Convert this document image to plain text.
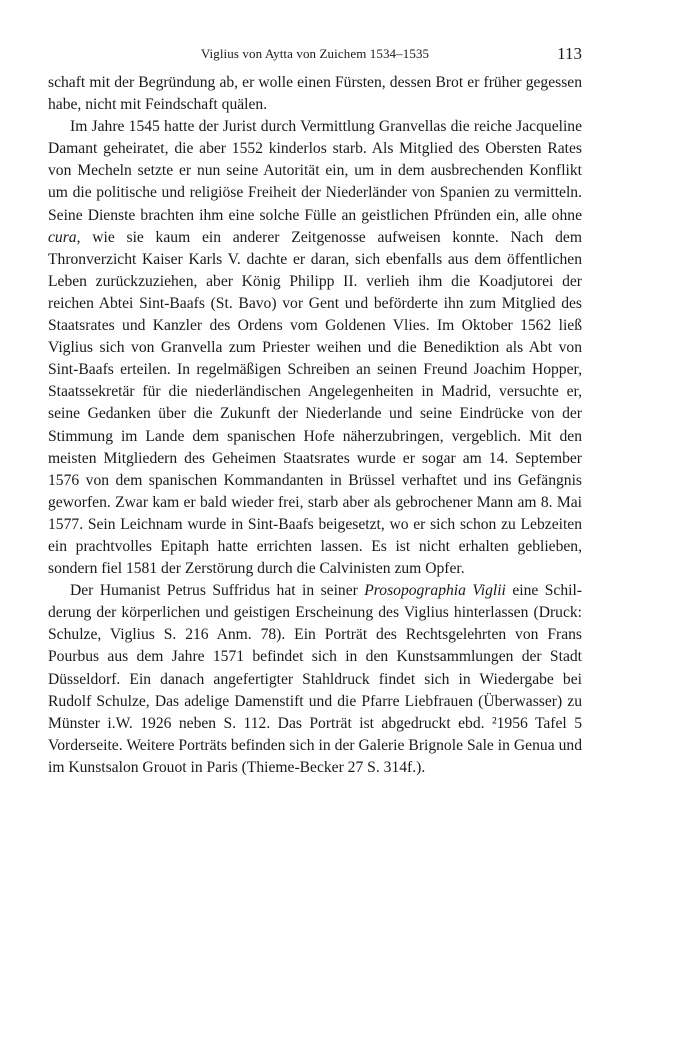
Viglius von Aytta von Zuichem 1534–1535	113

schaft mit der Begründung ab, er wolle einen Fürsten, dessen Brot er früher gegessen habe, nicht mit Feindschaft quälen.

Im Jahre 1545 hatte der Jurist durch Vermittlung Granvellas die reiche Jacqueline Damant geheiratet, die aber 1552 kinderlos starb. Als Mitglied des Obersten Rates von Mecheln setzte er nun seine Autorität ein, um in dem ausbrechenden Konflikt um die politische und religiöse Freiheit der Niederländer von Spanien zu vermitteln. Seine Dienste brachten ihm eine solche Fülle an geistlichen Pfründen ein, alle ohne cura, wie sie kaum ein anderer Zeitgenosse aufweisen konnte. Nach dem Thronverzicht Kaiser Karls V. dachte er daran, sich ebenfalls aus dem öffentlichen Leben zurückzuziehen, aber König Philipp II. verlieh ihm die Koadjutorei der reichen Abtei Sint-Baafs (St. Bavo) vor Gent und beförderte ihn zum Mitglied des Staatsrates und Kanzler des Ordens vom Goldenen Vlies. Im Oktober 1562 ließ Viglius sich von Granvella zum Priester weihen und die Benediktion als Abt von Sint-Baafs erteilen. In regelmäßigen Schreiben an seinen Freund Joachim Hopper, Staatssekretär für die niederländischen Angelegenheiten in Madrid, versuchte er, seine Gedanken über die Zukunft der Niederlande und seine Eindrücke von der Stimmung im Lande dem spanischen Hofe näherzubringen, vergeblich. Mit den meisten Mitgliedern des Geheimen Staatsrates wurde er sogar am 14. September 1576 von dem spanischen Kommandanten in Brüssel verhaftet und ins Gefängnis geworfen. Zwar kam er bald wieder frei, starb aber als gebrochener Mann am 8. Mai 1577. Sein Leichnam wurde in Sint-Baafs beigesetzt, wo er sich schon zu Lebzeiten ein prachtvolles Epitaph hatte errichten lassen. Es ist nicht erhalten geblieben, sondern fiel 1581 der Zerstörung durch die Calvinisten zum Opfer.

Der Humanist Petrus Suffridus hat in seiner Prosopographia Viglii eine Schilderung der körperlichen und geistigen Erscheinung des Viglius hinterlassen (Druck: Schulze, Viglius S. 216 Anm. 78). Ein Porträt des Rechtsgelehrten von Frans Pourbus aus dem Jahre 1571 befindet sich in den Kunstsammlungen der Stadt Düsseldorf. Ein danach angefertigter Stahldruck findet sich in Wiedergabe bei Rudolf Schulze, Das adelige Damenstift und die Pfarre Liebfrauen (Überwasser) zu Münster i.W. 1926 neben S. 112. Das Porträt ist abgedruckt ebd. ²1956 Tafel 5 Vorderseite. Weitere Porträts befinden sich in der Galerie Brignole Sale in Genua und im Kunstsalon Grouot in Paris (Thieme-Becker 27 S. 314f.).
